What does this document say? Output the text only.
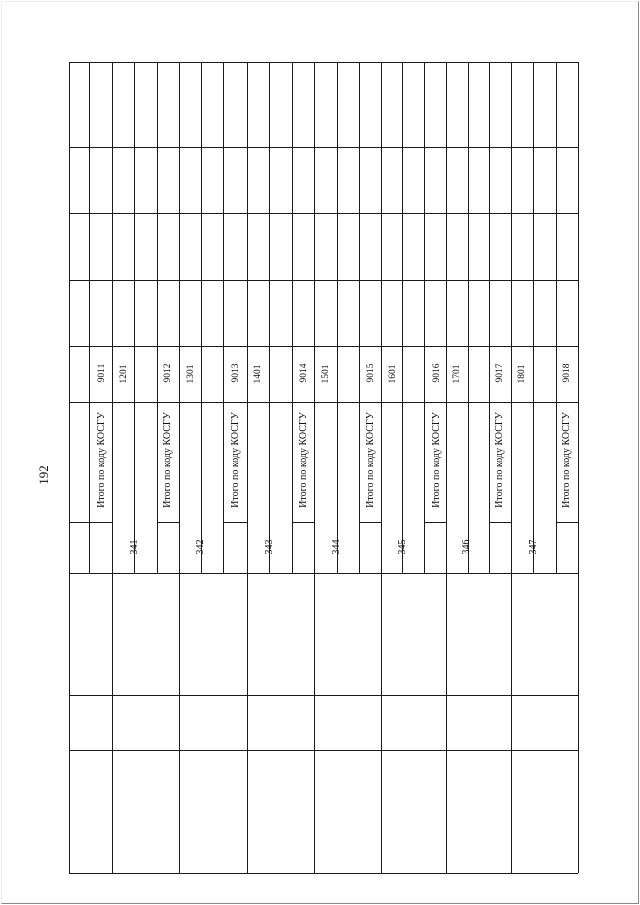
192	Итого по коду КОСГУ
9011 1201
341
Итого по коду КОСГУ
9012 1301
342
Итого по коду КОСГУ
9013 1401
343
Итого по коду КОСГУ
9014 1501
344
Итого по коду КОСГУ
9015 1601
345
Итого по коду КОСГУ
9016 1701
346
Итого по коду КОСГУ
9017 1801
347
Итого по коду КОСГУ
9018
